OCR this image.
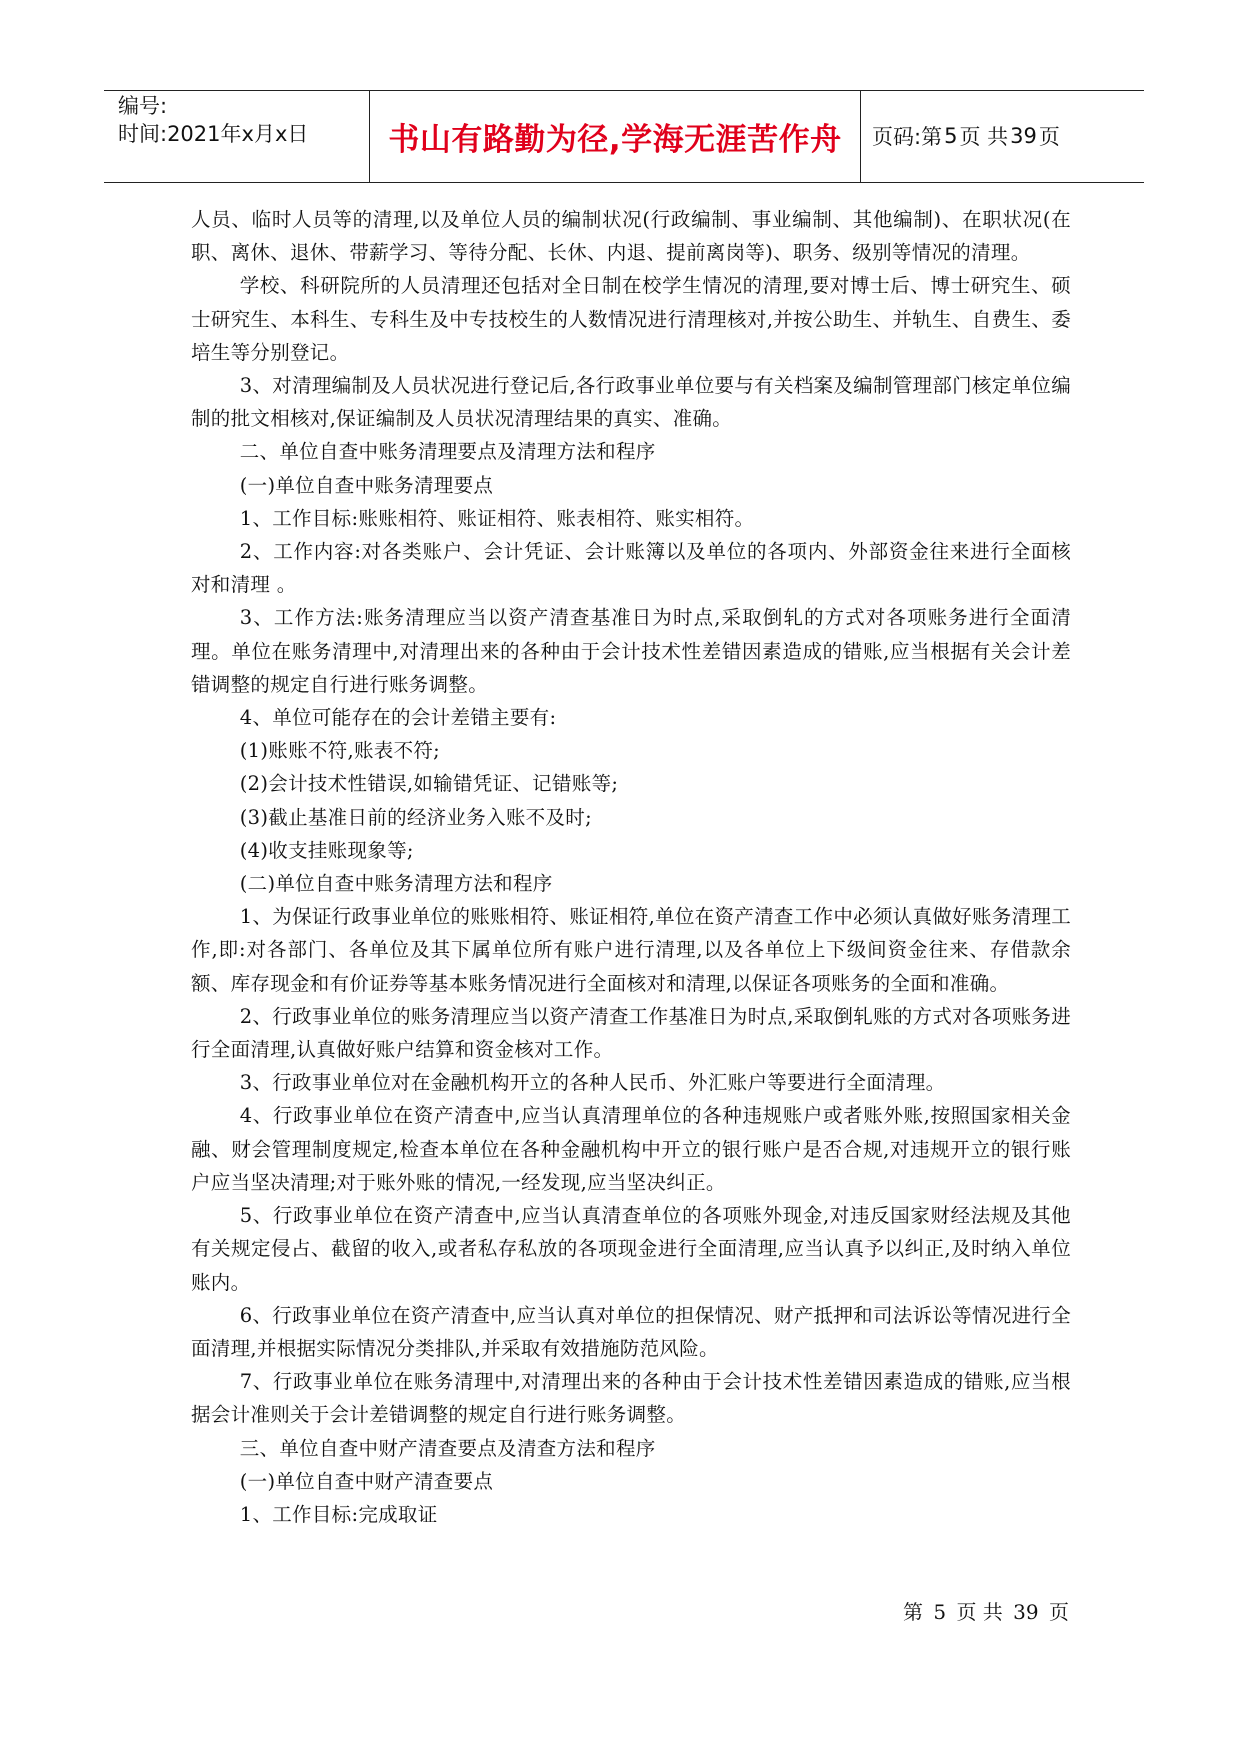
编号:
时间:2021年x月x日	书山有路勤为径,学海无涯苦作舟	页码:第 5 页 共 39 页

人员、临时人员等的清理,以及单位人员的编制状况(行政编制、事业编制、其他编制)、在职状况(在职、离休、退休、带薪学习、等待分配、长休、内退、提前离岗等)、职务、级别等情况的清理。

学校、科研院所的人员清理还包括对全日制在校学生情况的清理,要对博士后、博士研究生、硕士研究生、本科生、专科生及中专技校生的人数情况进行清理核对,并按公助生、并轨生、自费生、委培生等分别登记。

3、对清理编制及人员状况进行登记后,各行政事业单位要与有关档案及编制管理部门核定单位编制的批文相核对,保证编制及人员状况清理结果的真实、准确。

二、单位自查中账务清理要点及清理方法和程序

(一)单位自查中账务清理要点

1、工作目标:账账相符、账证相符、账表相符、账实相符。

2、工作内容:对各类账户、会计凭证、会计账簿以及单位的各项内、外部资金往来进行全面核对和清理 。

3、工作方法:账务清理应当以资产清查基准日为时点,采取倒轧的方式对各项账务进行全面清理。单位在账务清理中,对清理出来的各种由于会计技术性差错因素造成的错账,应当根据有关会计差错调整的规定自行进行账务调整。

4、单位可能存在的会计差错主要有:

(1)账账不符,账表不符;

(2)会计技术性错误,如输错凭证、记错账等;

(3)截止基准日前的经济业务入账不及时;

(4)收支挂账现象等;

(二)单位自查中账务清理方法和程序

1、为保证行政事业单位的账账相符、账证相符,单位在资产清查工作中必须认真做好账务清理工作,即:对各部门、各单位及其下属单位所有账户进行清理,以及各单位上下级间资金往来、存借款余额、库存现金和有价证券等基本账务情况进行全面核对和清理,以保证各项账务的全面和准确。

2、行政事业单位的账务清理应当以资产清查工作基准日为时点,采取倒轧账的方式对各项账务进行全面清理,认真做好账户结算和资金核对工作。

3、行政事业单位对在金融机构开立的各种人民币、外汇账户等要进行全面清理。

4、行政事业单位在资产清查中,应当认真清理单位的各种违规账户或者账外账,按照国家相关金融、财会管理制度规定,检查本单位在各种金融机构中开立的银行账户是否合规,对违规开立的银行账户应当坚决清理;对于账外账的情况,一经发现,应当坚决纠正。

5、行政事业单位在资产清查中,应当认真清查单位的各项账外现金,对违反国家财经法规及其他有关规定侵占、截留的收入,或者私存私放的各项现金进行全面清理,应当认真予以纠正,及时纳入单位账内。

6、行政事业单位在资产清查中,应当认真对单位的担保情况、财产抵押和司法诉讼等情况进行全面清理,并根据实际情况分类排队,并采取有效措施防范风险。

7、行政事业单位在账务清理中,对清理出来的各种由于会计技术性差错因素造成的错账,应当根据会计准则关于会计差错调整的规定自行进行账务调整。

三、单位自查中财产清查要点及清查方法和程序

(一)单位自查中财产清查要点

1、工作目标:完成取证

第 5 页 共 39 页
